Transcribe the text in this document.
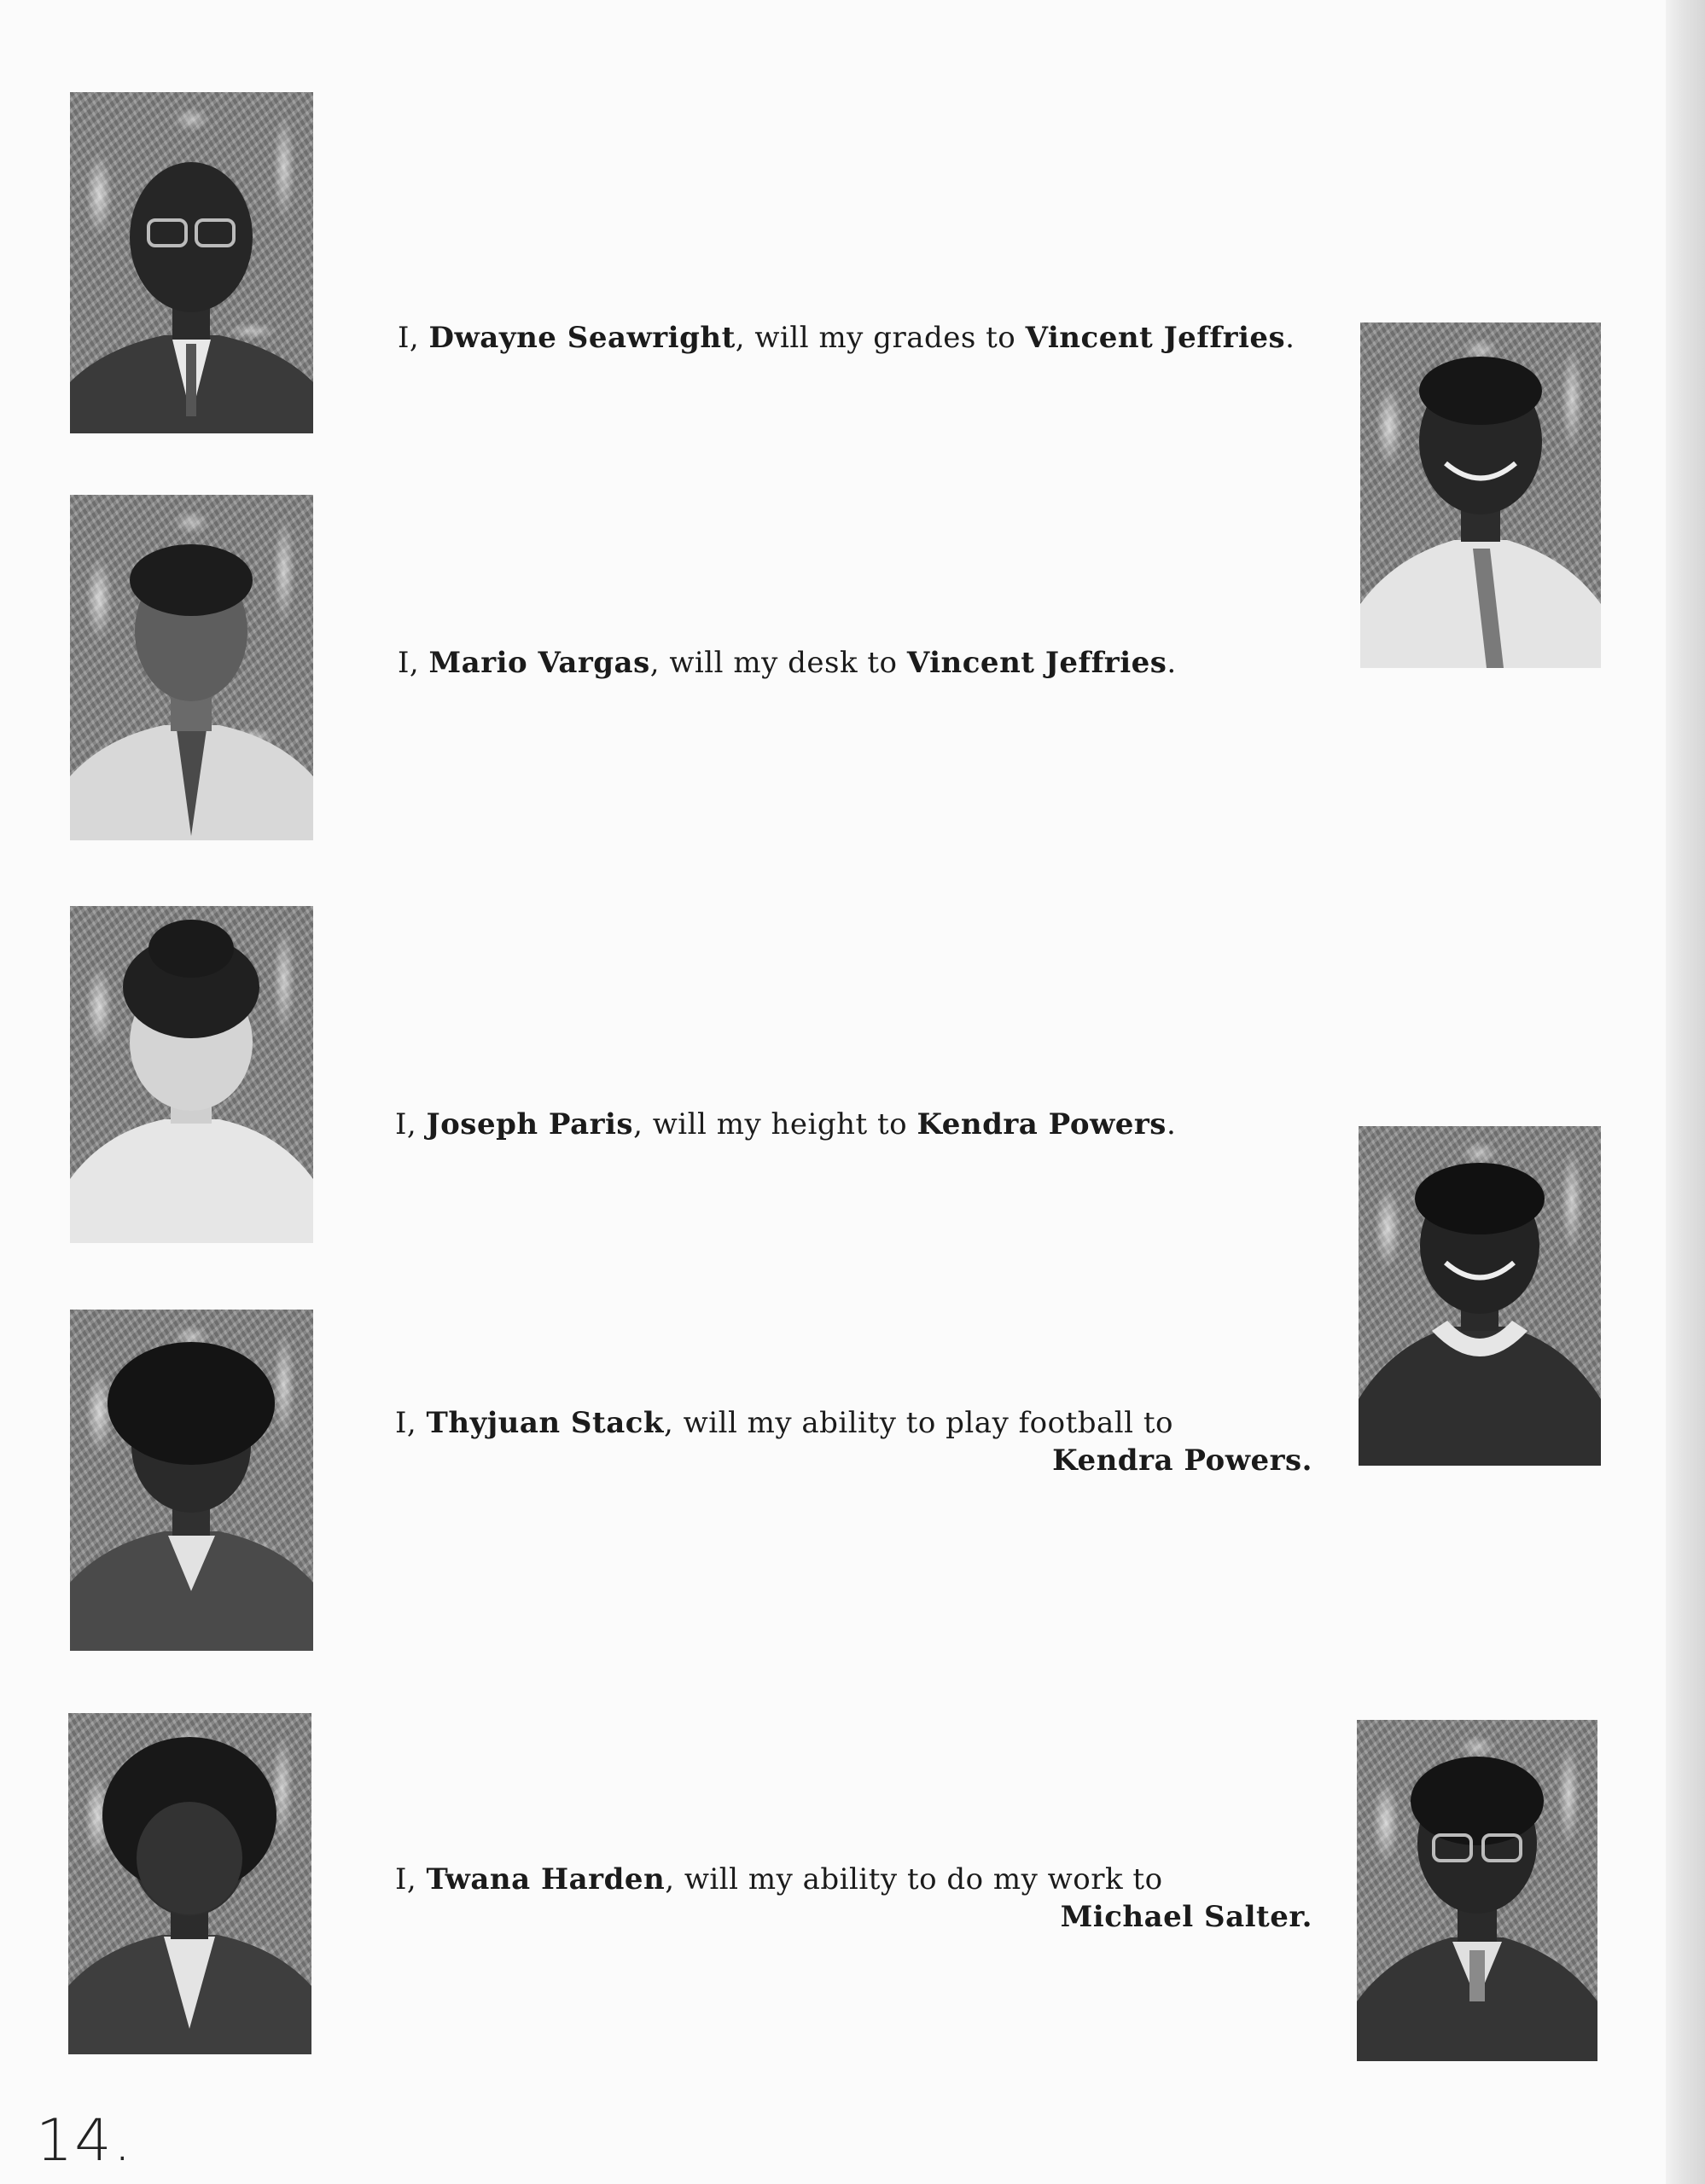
I, Dwayne Seawright, will my grades to Vincent Jeffries.
I, Mario Vargas, will my desk to Vincent Jeffries.
I, Joseph Paris, will my height to Kendra Powers.
I, Thyjuan Stack, will my ability to play football to
Kendra Powers.
I, Twana Harden, will my ability to do my work to
Michael Salter.
14.
